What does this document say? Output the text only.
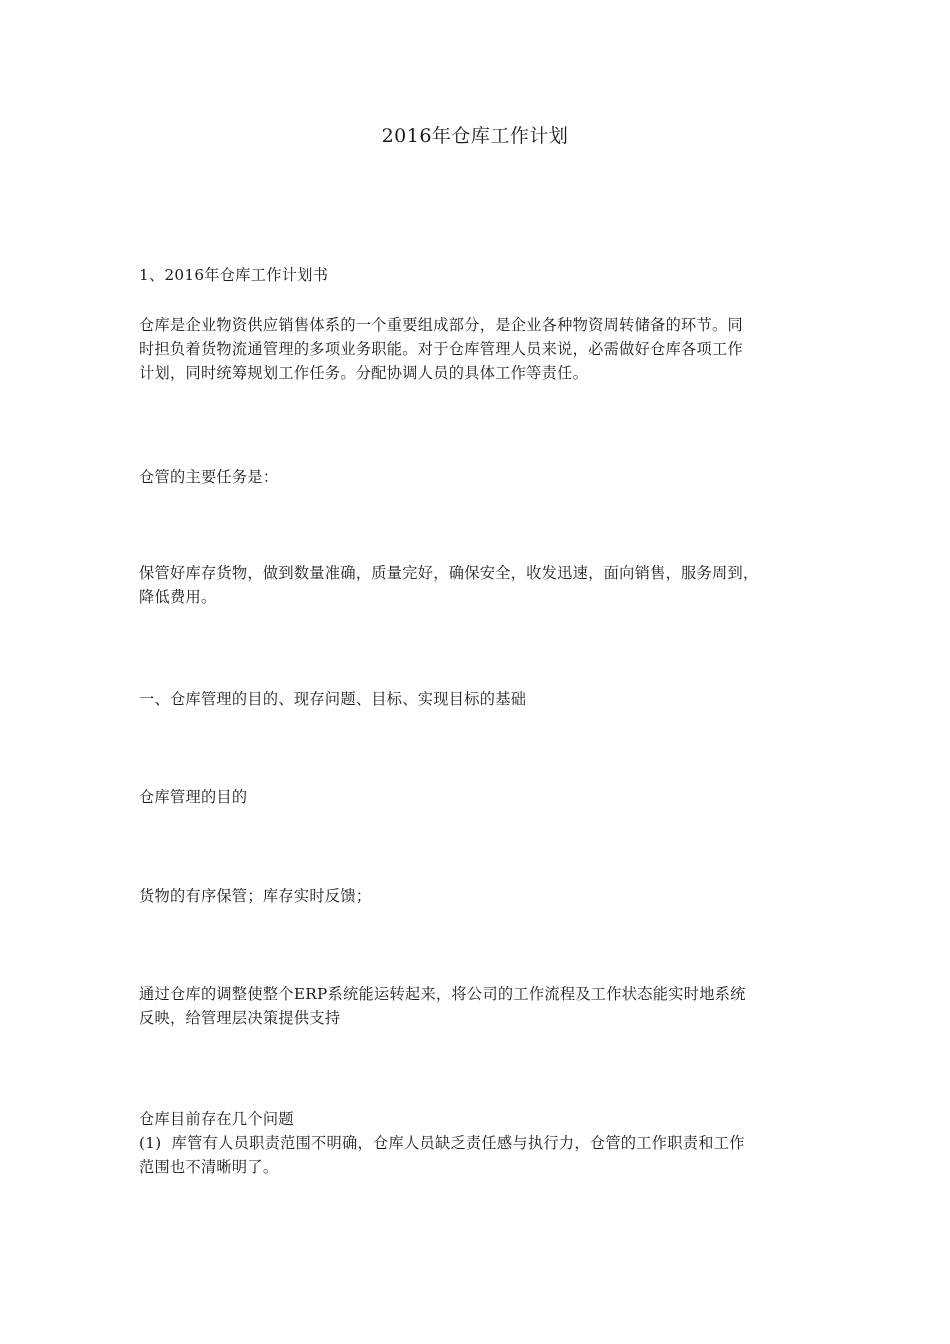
2016年仓库工作计划

1、2016年仓库工作计划书

仓库是企业物资供应销售体系的一个重要组成部分，是企业各种物资周转储备的环节。同
时担负着货物流通管理的多项业务职能。对于仓库管理人员来说，必需做好仓库各项工作
计划，同时统筹规划工作任务。分配协调人员的具体工作等责任。

仓管的主要任务是：

保管好库存货物，做到数量准确，质量完好，确保安全，收发迅速，面向销售，服务周到，
降低费用。

一、仓库管理的目的、现存问题、目标、实现目标的基础

仓库管理的目的

货物的有序保管；库存实时反馈；

通过仓库的调整使整个ERP系统能运转起来，将公司的工作流程及工作状态能实时地系统
反映，给管理层决策提供支持

仓库目前存在几个问题
(1)  库管有人员职责范围不明确，仓库人员缺乏责任感与执行力，仓管的工作职责和工作
范围也不清晰明了。
